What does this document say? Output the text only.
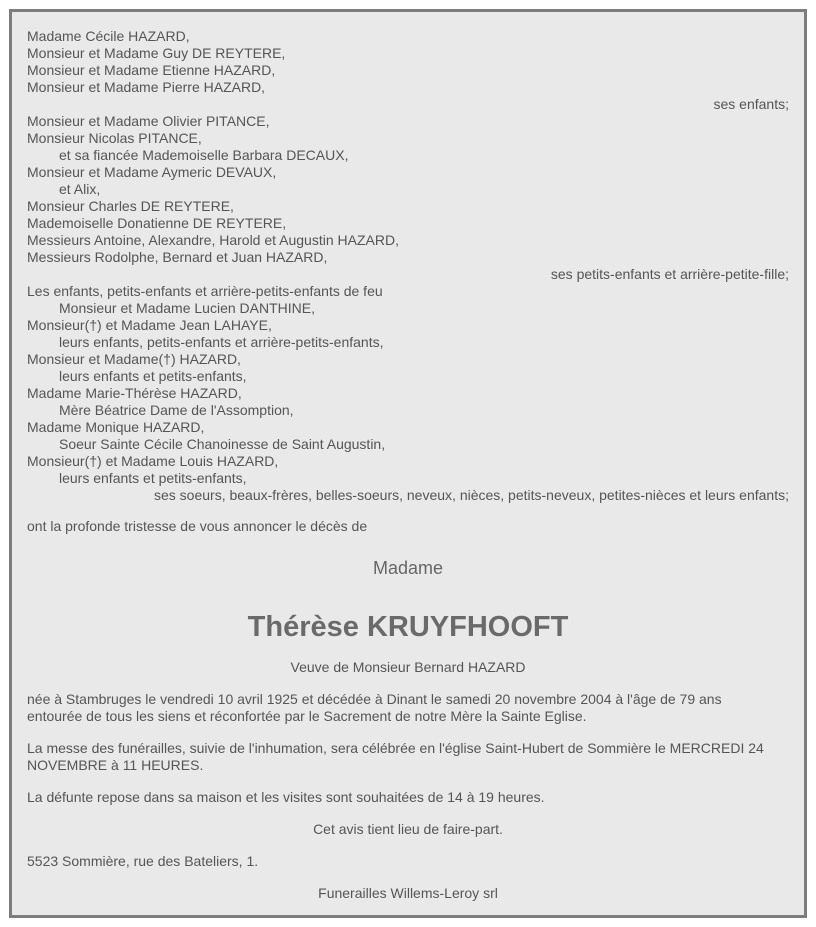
Madame Cécile HAZARD,
Monsieur et Madame Guy DE REYTERE,
Monsieur et Madame Etienne HAZARD,
Monsieur et Madame Pierre HAZARD,
ses enfants;
Monsieur et Madame Olivier PITANCE,
Monsieur Nicolas PITANCE,
et sa fiancée Mademoiselle Barbara DECAUX,
Monsieur et Madame Aymeric DEVAUX,
et Alix,
Monsieur Charles DE REYTERE,
Mademoiselle Donatienne DE REYTERE,
Messieurs Antoine, Alexandre, Harold et Augustin HAZARD,
Messieurs Rodolphe, Bernard et Juan HAZARD,
ses petits-enfants et arrière-petite-fille;
Les enfants, petits-enfants et arrière-petits-enfants de feu
Monsieur et Madame Lucien DANTHINE,
Monsieur(†) et Madame Jean LAHAYE,
leurs enfants, petits-enfants et arrière-petits-enfants,
Monsieur et Madame(†) HAZARD,
leurs enfants et petits-enfants,
Madame Marie-Thérèse HAZARD,
Mère Béatrice Dame de l'Assomption,
Madame Monique HAZARD,
Soeur Sainte Cécile Chanoinesse de Saint Augustin,
Monsieur(†) et Madame Louis HAZARD,
leurs enfants et petits-enfants,
ses soeurs, beaux-frères, belles-soeurs, neveux, nièces, petits-neveux, petites-nièces et leurs enfants;
ont la profonde tristesse de vous annoncer le décès de
Madame
Thérèse KRUYFHOOFT
Veuve de Monsieur Bernard HAZARD

née à Stambruges le vendredi 10 avril 1925 et décédée à Dinant le samedi 20 novembre 2004 à l'âge de 79 ans entourée de tous les siens et réconfortée par le Sacrement de notre Mère la Sainte Eglise.

La messe des funérailles, suivie de l'inhumation, sera célébrée en l'église Saint-Hubert de Sommière le MERCREDI 24 NOVEMBRE à 11 HEURES.

La défunte repose dans sa maison et les visites sont souhaitées de 14 à 19 heures.

Cet avis tient lieu de faire-part.
5523 Sommière, rue des Bateliers, 1.
Funerailles Willems-Leroy srl
